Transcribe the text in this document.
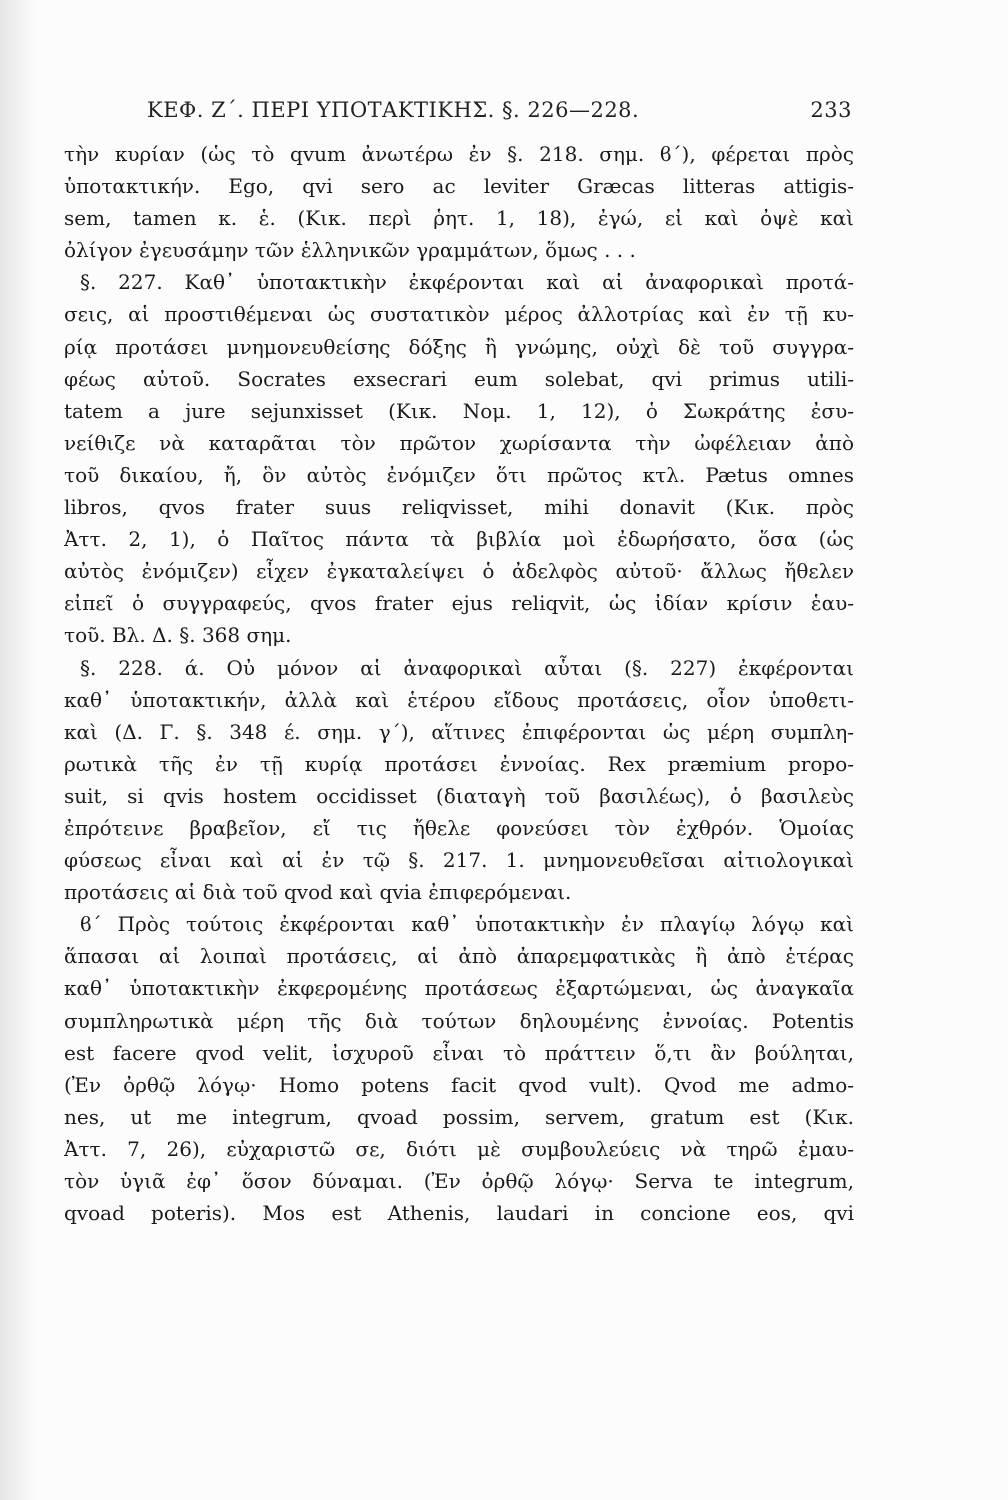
ΚΕΦ. Ζ΄. ΠΕΡΙ ΥΠΟΤΑΚΤΙΚΗΣ. §. 226—228.	233
τὴν κυρίαν (ὡς τὸ qvum ἀνωτέρω ἐν §. 218. σημ. ϐ΄), φέρεται πρὸς
ὑποτακτικήν. Ego, qvi sero ac leviter Græcas litteras attigis-
sem, tamen κ. ἑ. (Κικ. περὶ ῥητ. 1, 18), ἐγώ, εἰ καὶ ὀψὲ καὶ
ὀλίγον ἐγευσάμην τῶν ἑλληνικῶν γραμμάτων, ὅμως . . .
§. 227. Καθ᾽ ὑποτακτικὴν ἐκφέρονται καὶ αἱ ἀναφορικαὶ προτά-
σεις, αἱ προστιθέμεναι ὡς συστατικὸν μέρος ἀλλοτρίας καὶ ἐν τῇ κυ-
ρίᾳ προτάσει μνημονευθείσης δόξης ἢ γνώμης, οὐχὶ δὲ τοῦ συγγρα-
φέως αὐτοῦ. Socrates exsecrari eum solebat, qvi primus utili-
tatem a jure sejunxisset (Κικ. Νομ. 1, 12), ὁ Σωκράτης ἐσυ-
νείθιζε νὰ καταρᾶται τὸν πρῶτον χωρίσαντα τὴν ὠφέλειαν ἀπὸ
τοῦ δικαίου, ἤ, ὃν αὐτὸς ἐνόμιζεν ὅτι πρῶτος κτλ. Pætus omnes
libros, qvos frater suus reliqvisset, mihi donavit (Κικ. πρὸς
Ἀττ. 2, 1), ὁ Παῖτος πάντα τὰ βιβλία μοὶ ἐδωρήσατο, ὅσα (ὡς
αὐτὸς ἐνόμιζεν) εἶχεν ἐγκαταλείψει ὁ ἀδελφὸς αὐτοῦ· ἄλλως ἤθελεν
εἰπεῖ ὁ συγγραφεύς, qvos frater ejus reliqvit, ὡς ἰδίαν κρίσιν ἑαυ-
τοῦ. Βλ. Δ. §. 368 σημ.
§. 228. ά. Οὐ μόνον αἱ ἀναφορικαὶ αὗται (§. 227) ἐκφέρονται
καθ᾽ ὑποτακτικήν, ἀλλὰ καὶ ἑτέρου εἴδους προτάσεις, οἷον ὑποθετι-
καὶ (Δ. Γ. §. 348 έ. σημ. γ΄), αἵτινες ἐπιφέρονται ὡς μέρη συμπλη-
ρωτικὰ τῆς ἐν τῇ κυρίᾳ προτάσει ἐννοίας. Rex præmium propo-
suit, si qvis hostem occidisset (διαταγὴ τοῦ βασιλέως), ὁ βασιλεὺς
ἐπρότεινε βραβεῖον, εἴ τις ἤθελε φονεύσει τὸν ἐχθρόν. Ὁμοίας
φύσεως εἶναι καὶ αἱ ἐν τῷ §. 217. 1. μνημονευθεῖσαι αἰτιολογικαὶ
προτάσεις αἱ διὰ τοῦ qvod καὶ qvia ἐπιφερόμεναι.
ϐ΄ Πρὸς τούτοις ἐκφέρονται καθ᾽ ὑποτακτικὴν ἐν πλαγίῳ λόγῳ καὶ
ἅπασαι αἱ λοιπαὶ προτάσεις, αἱ ἀπὸ ἀπαρεμφατικὰς ἢ ἀπὸ ἑτέρας
καθ᾽ ὑποτακτικὴν ἐκφερομένης προτάσεως ἐξαρτώμεναι, ὡς ἀναγκαῖα
συμπληρωτικὰ μέρη τῆς διὰ τούτων δηλουμένης ἐννοίας. Potentis
est facere qvod velit, ἰσχυροῦ εἶναι τὸ πράττειν ὅ,τι ἂν βούληται,
(Ἐν ὀρθῷ λόγῳ· Homo potens facit qvod vult). Qvod me admo-
nes, ut me integrum, qvoad possim, servem, gratum est (Κικ.
Ἀττ. 7, 26), εὐχαριστῶ σε, διότι μὲ συμβουλεύεις νὰ τηρῶ ἐμαυ-
τὸν ὑγιᾶ ἐφ᾽ ὅσον δύναμαι. (Ἐν ὀρθῷ λόγῳ· Serva te integrum,
qvoad poteris). Mos est Athenis, laudari in concione eos, qvi
